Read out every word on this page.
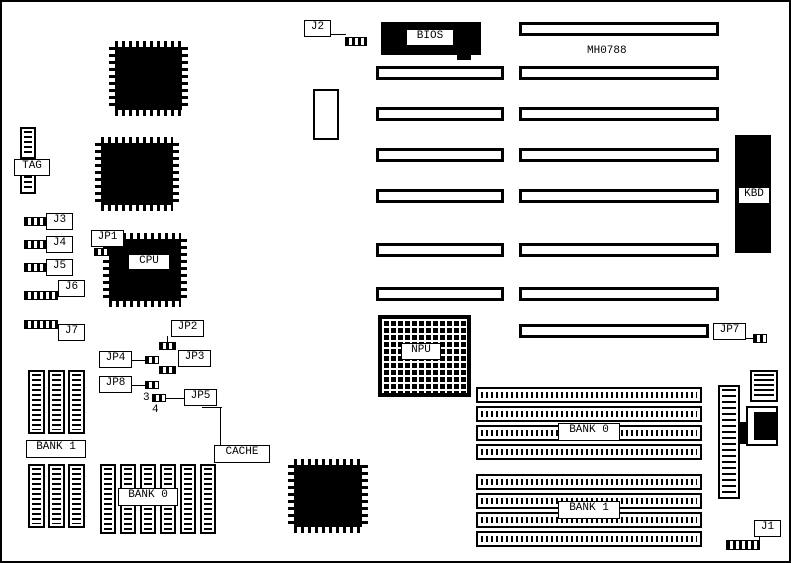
CPU
NPU
BIOS
MH0788
J2
KBD
JP7
J1
TAG
J3
J4
J5
J6
J7
JP1
JP2
JP3
JP4
JP8
JP5
3
4
CACHE
BANK 1
BANK 0
BANK 0
BANK 1
